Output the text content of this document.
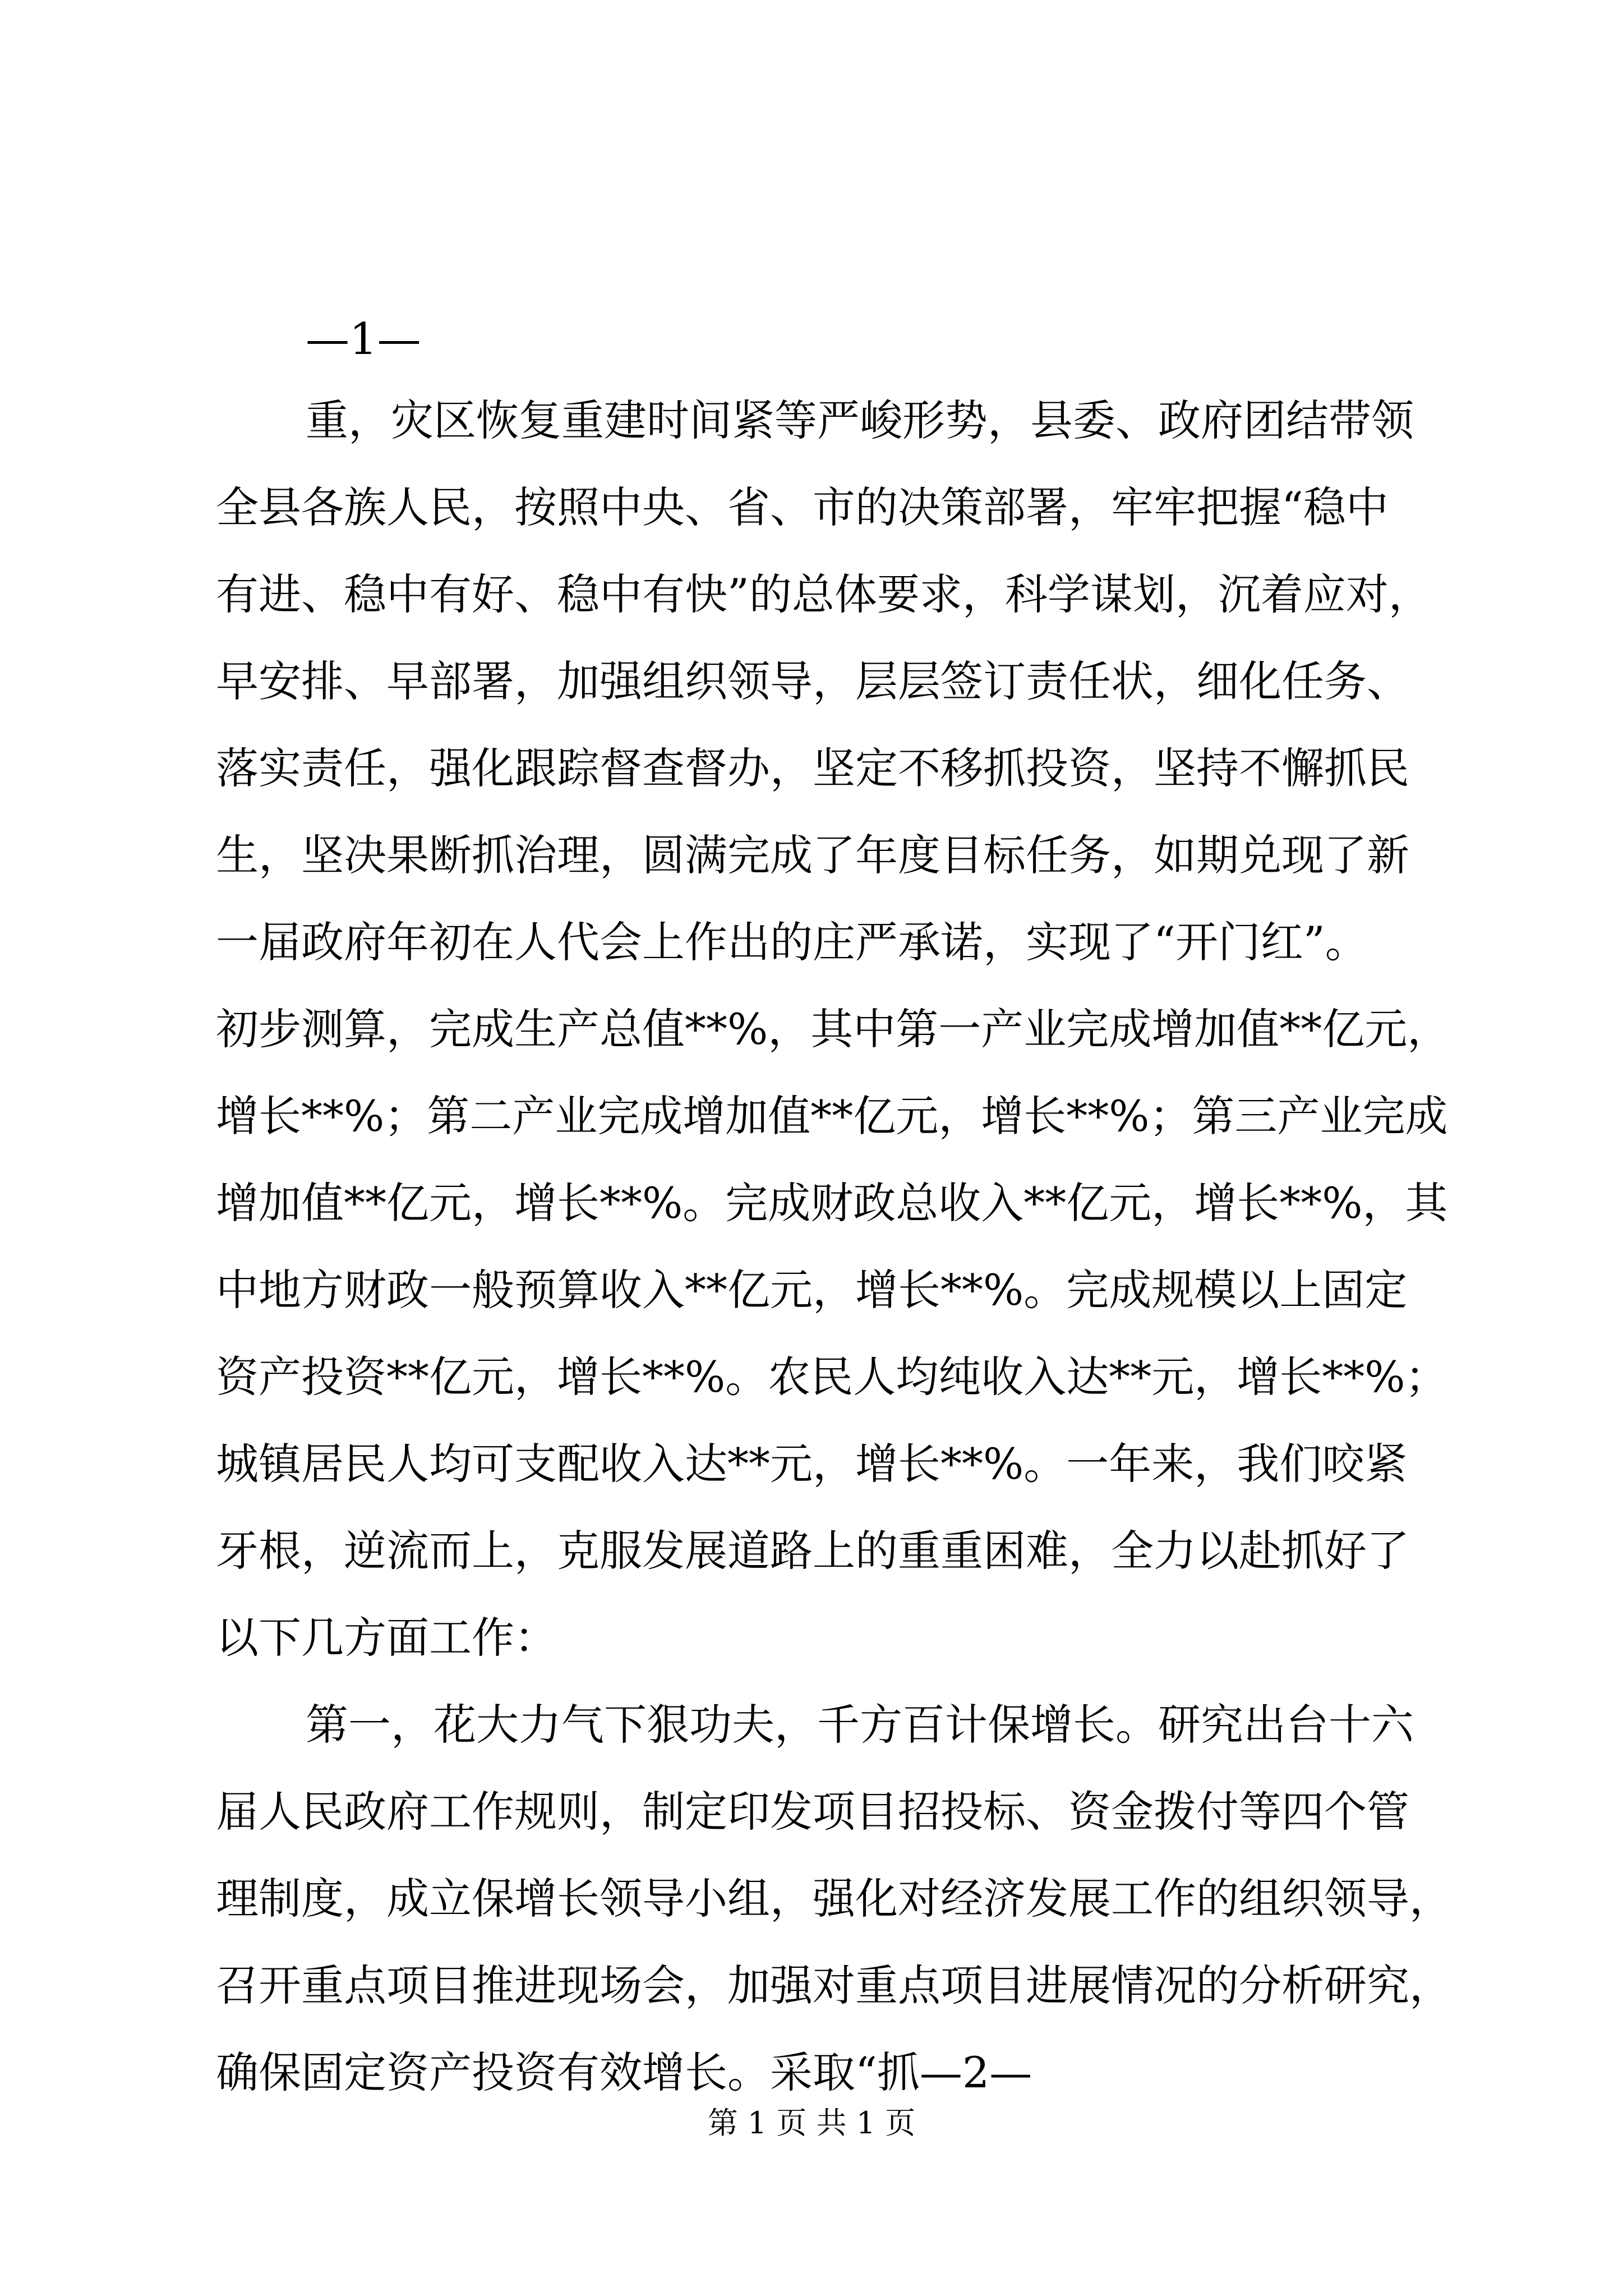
—1—
重，灾区恢复重建时间紧等严峻形势，县委、政府团结带领
全县各族人民，按照中央、省、市的决策部署，牢牢把握“稳中
有进、稳中有好、稳中有快”的总体要求，科学谋划，沉着应对，
早安排、早部署，加强组织领导，层层签订责任状，细化任务、
落实责任，强化跟踪督查督办，坚定不移抓投资，坚持不懈抓民
生，坚决果断抓治理，圆满完成了年度目标任务，如期兑现了新
一届政府年初在人代会上作出的庄严承诺，实现了“开门红”。
初步测算，完成生产总值**%，其中第一产业完成增加值**亿元，
增长**%；第二产业完成增加值**亿元，增长**%；第三产业完成
增加值**亿元，增长**%。完成财政总收入**亿元，增长**%，其
中地方财政一般预算收入**亿元，增长**%。完成规模以上固定
资产投资**亿元，增长**%。农民人均纯收入达**元，增长**%；
城镇居民人均可支配收入达**元，增长**%。一年来，我们咬紧
牙根，逆流而上，克服发展道路上的重重困难，全力以赴抓好了
以下几方面工作：
第一，花大力气下狠功夫，千方百计保增长。研究出台十六
届人民政府工作规则，制定印发项目招投标、资金拨付等四个管
理制度，成立保增长领导小组，强化对经济发展工作的组织领导，
召开重点项目推进现场会，加强对重点项目进展情况的分析研究，
确保固定资产投资有效增长。采取“抓—2—
第 1 页 共 1 页
